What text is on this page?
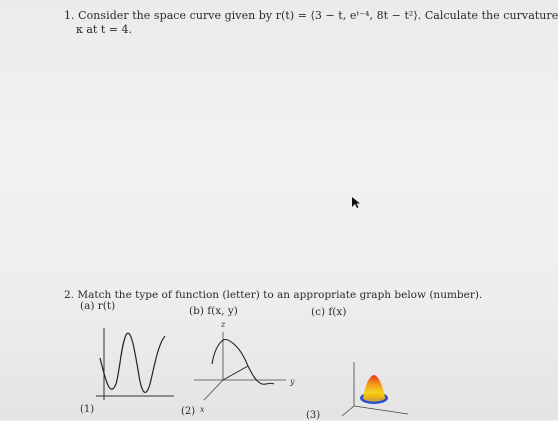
1. Consider the space curve given by r(t) = ⟨3 − t, eᵗ⁻⁴, 8t − t²⟩. Calculate the curvature
κ at t = 4.
2. Match the type of function (letter) to an appropriate graph below (number).
(a) r(t)	(b) f(x, y)	(c) f(x)
(1)
z
y
x
(2)	(3)
